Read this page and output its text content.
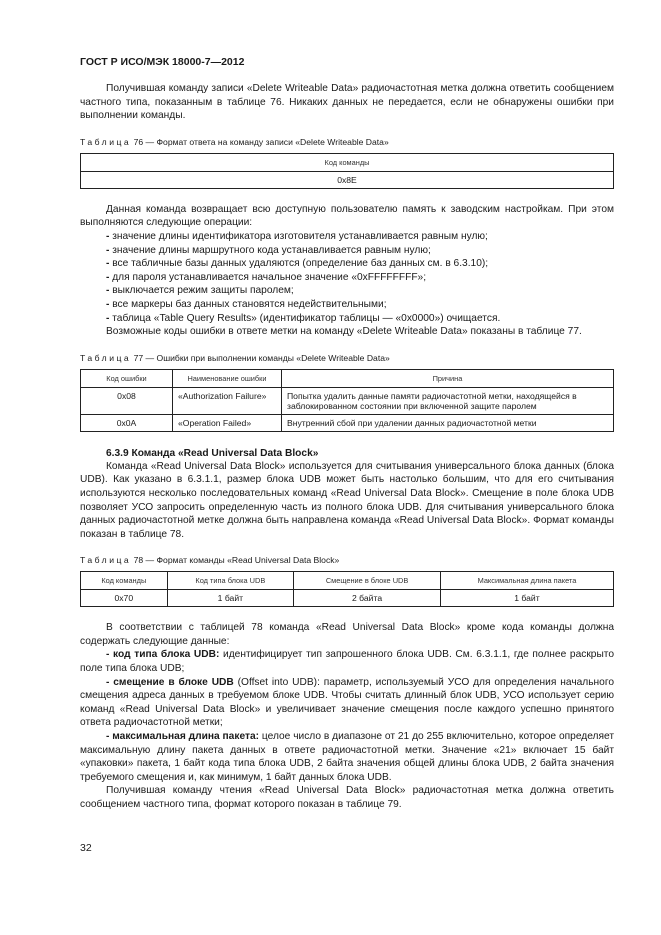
ГОСТ Р ИСО/МЭК 18000-7—2012

Получившая команду записи «Delete Writeable Data» радиочастотная метка должна ответить сообщением частного типа, показанным в таблице 76. Никаких данных не передается, если не обнаружены ошибки при выполнении команды.

Таблица 76 — Формат ответа на команду записи «Delete Writeable Data»
Код команды
0x8E

Данная команда возвращает всю доступную пользователю память к заводским настройкам. При этом выполняются следующие операции:

- значение длины идентификатора изготовителя устанавливается равным нулю;
- значение длины маршрутного кода устанавливается равным нулю;
- все табличные базы данных удаляются (определение баз данных см. в 6.3.10);
- для пароля устанавливается начальное значение «0xFFFFFFFF»;
- выключается режим защиты паролем;
- все маркеры баз данных становятся недействительными;
- таблица «Table Query Results» (идентификатор таблицы — «0x0000») очищается.

Возможные коды ошибки в ответе метки на команду «Delete Writeable Data» показаны в таблице 77.

Таблица 77 — Ошибки при выполнении команды «Delete Writeable Data»
Код ошибки	Наименование ошибки	Причина
0x08	«Authorization Failure»	Попытка удалить данные памяти радиочастотной метки, находящейся в заблокированном состоянии при включенной защите паролем
0x0A	«Operation Failed»	Внутренний сбой при удалении данных радиочастотной метки
6.3.9 Команда «Read Universal Data Block»

Команда «Read Universal Data Block» используется для считывания универсального блока данных (блока UDB). Как указано в 6.3.1.1, размер блока UDB может быть настолько большим, что для его считывания используются несколько последовательных команд «Read Universal Data Block». Смещение в поле блока UDB позволяет УСО запросить определенную часть из полного блока UDB. Для считывания универсального блока данных радиочастотной метке должна быть направлена команда «Read Universal Data Block». Формат команды показан в таблице 78.

Таблица 78 — Формат команды «Read Universal Data Block»
Код команды	Код типа блока UDB	Смещение в блоке UDB	Максимальная длина пакета
0x70	1 байт	2 байта	1 байт

В соответствии с таблицей 78 команда «Read Universal Data Block» кроме кода команды должна содержать следующие данные:

- код типа блока UDB: идентифицирует тип запрошенного блока UDB. См. 6.3.1.1, где полнее раскрыто поле типа блока UDB;

- смещение в блоке UDB (Offset into UDB): параметр, используемый УСО для определения начального смещения адреса данных в требуемом блоке UDB. Чтобы считать длинный блок UDB, УСО использует серию команд «Read Universal Data Block» и увеличивает значение смещения после каждого успешно принятого ответа радиочастотной метки;

- максимальная длина пакета: целое число в диапазоне от 21 до 255 включительно, которое определяет максимальную длину пакета данных в ответе радиочастотной метки. Значение «21» включает 15 байт «упаковки» пакета, 1 байт кода типа блока UDB, 2 байта значения общей длины блока UDB, 2 байта значения требуемого смещения и, как минимум, 1 байт данных блока UDB.

Получившая команду чтения «Read Universal Data Block» радиочастотная метка должна ответить сообщением частного типа, формат которого показан в таблице 79.

32
